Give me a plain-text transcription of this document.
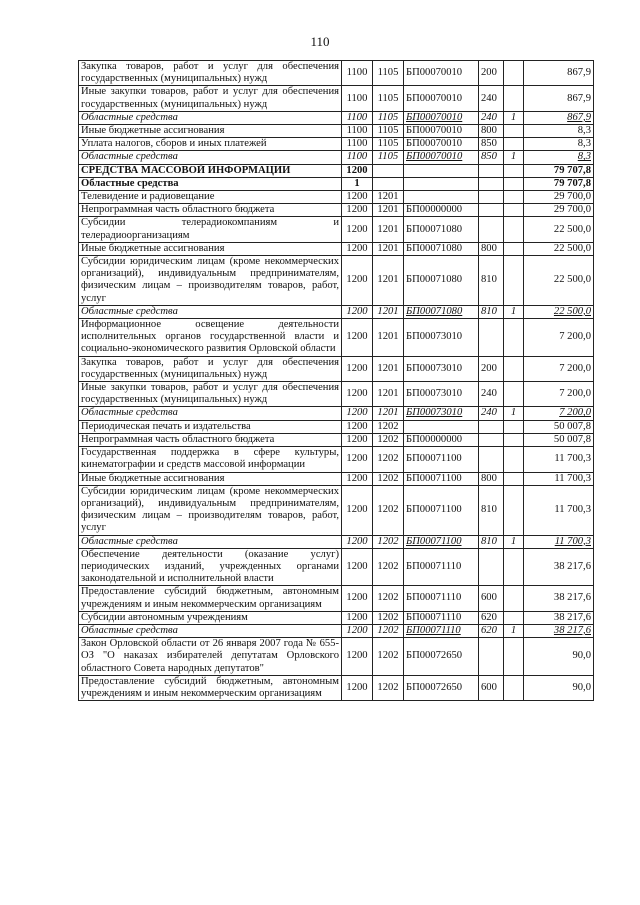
110
Закупка товаров, работ и услуг для обеспечения государственных (муниципальных) нужд	1100	1105	БП00070010	200		867,9
Иные закупки товаров, работ и услуг для обеспечения государственных (муниципальных) нужд	1100	1105	БП00070010	240		867,9
Областные средства	1100	1105	БП00070010	240	1	867,9
Иные бюджетные ассигнования	1100	1105	БП00070010	800		8,3
Уплата налогов, сборов и иных платежей	1100	1105	БП00070010	850		8,3
Областные средства	1100	1105	БП00070010	850	1	8,3
СРЕДСТВА МАССОВОЙ ИНФОРМАЦИИ	1200					79 707,8
Областные средства	1					79 707,8
Телевидение и радиовещание	1200	1201				29 700,0
Непрограммная часть областного бюджета	1200	1201	БП00000000			29 700,0
Субсидии телерадиокомпаниям и телерадиоорганизациям	1200	1201	БП00071080			22 500,0
Иные бюджетные ассигнования	1200	1201	БП00071080	800		22 500,0
Субсидии юридическим лицам (кроме некоммерческих организаций), индивидуальным предпринимателям, физическим лицам – производителям товаров, работ, услуг	1200	1201	БП00071080	810		22 500,0
Областные средства	1200	1201	БП00071080	810	1	22 500,0
Информационное освещение деятельности исполнительных органов государственной власти и социально-экономического развития Орловской области	1200	1201	БП00073010			7 200,0
Закупка товаров, работ и услуг для обеспечения государственных (муниципальных) нужд	1200	1201	БП00073010	200		7 200,0
Иные закупки товаров, работ и услуг для обеспечения государственных (муниципальных) нужд	1200	1201	БП00073010	240		7 200,0
Областные средства	1200	1201	БП00073010	240	1	7 200,0
Периодическая печать и издательства	1200	1202				50 007,8
Непрограммная часть областного бюджета	1200	1202	БП00000000			50 007,8
Государственная поддержка в сфере культуры, кинематографии и средств массовой информации	1200	1202	БП00071100			11 700,3
Иные бюджетные ассигнования	1200	1202	БП00071100	800		11 700,3
Субсидии юридическим лицам (кроме некоммерческих организаций), индивидуальным предпринимателям, физическим лицам – производителям товаров, работ, услуг	1200	1202	БП00071100	810		11 700,3
Областные средства	1200	1202	БП00071100	810	1	11 700,3
Обеспечение деятельности (оказание услуг) периодических изданий, учрежденных органами законодательной и исполнительной власти	1200	1202	БП00071110			38 217,6
Предоставление субсидий бюджетным, автономным учреждениям и иным некоммерческим организациям	1200	1202	БП00071110	600		38 217,6
Субсидии автономным учреждениям	1200	1202	БП00071110	620		38 217,6
Областные средства	1200	1202	БП00071110	620	1	38 217,6
Закон Орловской области от 26 января 2007 года № 655-ОЗ "О наказах избирателей депутатам Орловского областного Совета народных депутатов"	1200	1202	БП00072650			90,0
Предоставление субсидий бюджетным, автономным учреждениям и иным некоммерческим организациям	1200	1202	БП00072650	600		90,0
